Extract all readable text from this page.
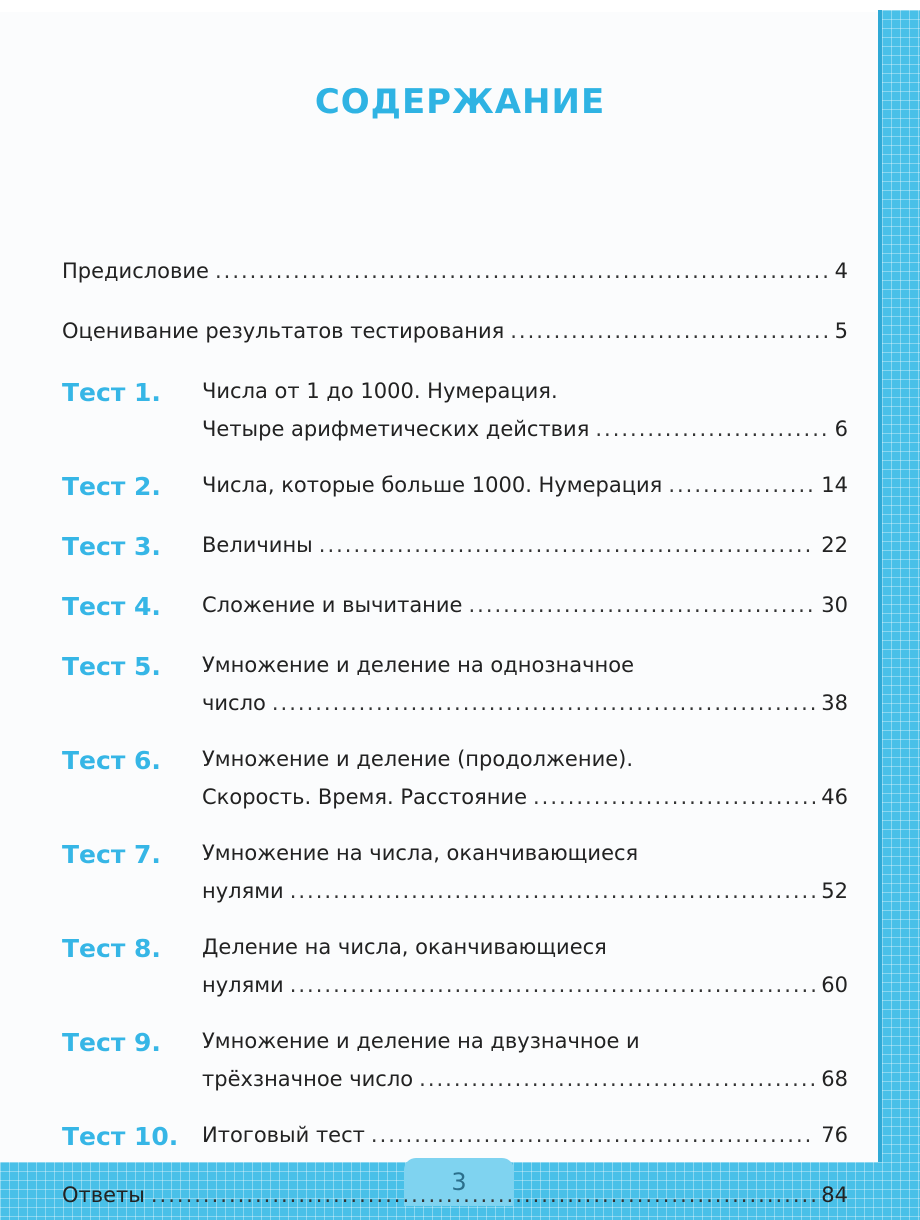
3
СОДЕРЖАНИЕ
Предисловие .....	4
Оценивание результатов тестирования .....	5
Тест 1.	Числа от 1 до 1000. Нумерация.
Четыре арифметических действия .....	6
Тест 2.	Числа, которые больше 1000. Нумерация .....	14
Тест 3.	Величины .....	22
Тест 4.	Сложение и вычитание .....	30
Тест 5.	Умножение и деление на однозначное
число .....	38
Тест 6.	Умножение и деление (продолжение).
Скорость. Время. Расстояние .....	46
Тест 7.	Умножение на числа, оканчивающиеся
нулями .....	52
Тест 8.	Деление на числа, оканчивающиеся
нулями .....	60
Тест 9.	Умножение и деление на двузначное и
трёхзначное число .....	68
Тест 10.	Итоговый тест .....	76
Ответы .....	84
